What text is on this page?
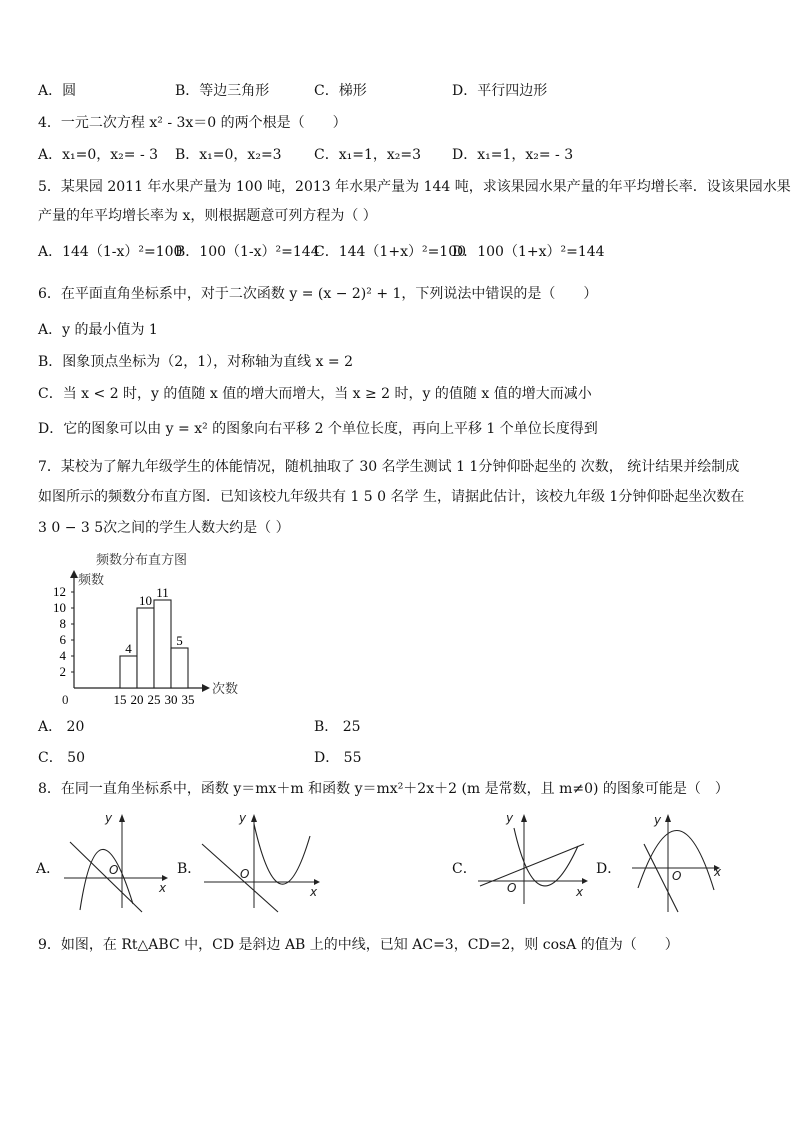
A．圆	B．等边三角形	C．梯形	D．平行四边形
4．一元二次方程 x² - 3x＝0 的两个根是（　　）
A．x₁=0，x₂= - 3 B．x₁=0，x₂=3 C．x₁=1，x₂=3 D．x₁=1，x₂= - 3
5．某果园 2011 年水果产量为 100 吨，2013 年水果产量为 144 吨，求该果园水果产量的年平均增长率．设该果园水果
产量的年平均增长率为 x，则根据题意可列方程为（ ）
A．144（1-x）²=100
B．100（1-x）²=144
C．144（1+x）²=100
D．100（1+x）²=144
6．在平面直角坐标系中，对于二次函数 y = (x − 2)² + 1，下列说法中错误的是（　　）
A．y 的最小值为 1
B．图象顶点坐标为（2，1），对称轴为直线 x = 2
C．当 x < 2 时，y 的值随 x 值的增大而增大，当 x ≥ 2 时，y 的值随 x 值的增大而减小
D．它的图象可以由 y = x² 的图象向右平移 2 个单位长度，再向上平移 1 个单位长度得到
7．某校为了解九年级学生的体能情况，随机抽取了 30 名学生测试 1 1分钟仰卧起坐的 次数， 统计结果并绘制成
如图所示的频数分布直方图．已知该校九年级共有 1 5 0 名学 生，请据此估计，该校九年级 1分钟仰卧起坐次数在
3 0 − 3 5次之间的学生人数大约是（ ）
频数分布直方图
频数
次数
0
2
4
6
8
10
12
4
10
11
5
15 20 25 30 35
A． 20	B． 25
C． 50	D． 55
8．在同一直角坐标系中，函数 y＝mx＋m 和函数 y＝mx²＋2x＋2 (m 是常数，且 m≠0) 的图象可能是（　）
A．
y
x
O	B．
y
x
O	C．
y
x
O
D．
y
x
O
9．如图，在 Rt△ABC 中，CD 是斜边 AB 上的中线，已知 AC=3，CD=2，则 cosA 的值为（　　）
